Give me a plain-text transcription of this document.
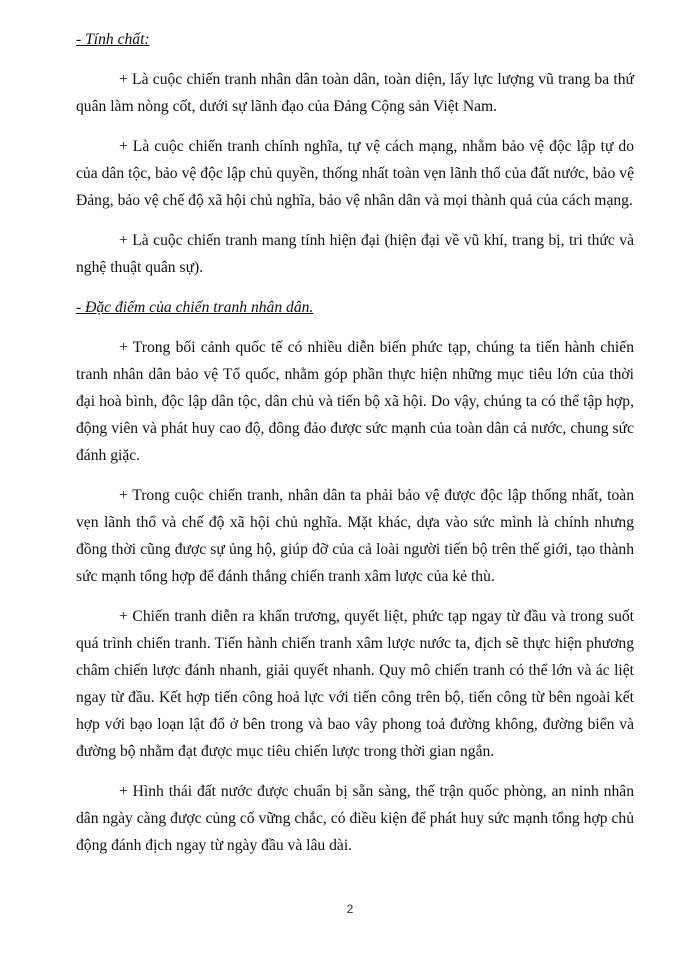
- Tính chất:

+ Là cuộc chiến tranh nhân dân toàn dân, toàn diện, lấy lực lượng vũ trang ba thứ quân làm nòng cốt, dưới sự lãnh đạo của Đảng Cộng sản Việt Nam.

+ Là cuộc chiến tranh chính nghĩa, tự vệ cách mạng, nhằm bảo vệ độc lập tự do của dân tộc, bảo vệ độc lập chủ quyền, thống nhất toàn vẹn lãnh thổ của đất nước, bảo vệ Đảng, bảo vệ chế độ xã hội chủ nghĩa, bảo vệ nhân dân và mọi thành quả của cách mạng.

+ Là cuộc chiến tranh mang tính hiện đại (hiện đại về vũ khí, trang bị, tri thức và nghệ thuật quân sự).

- Đặc điểm của chiến tranh nhân dân.

+ Trong bối cảnh quốc tế có nhiều diễn biến phức tạp, chúng ta tiến hành chiến tranh nhân dân bảo vệ Tổ quốc, nhằm góp phần thực hiện những mục tiêu lớn của thời đại hoà bình, độc lập dân tộc, dân chủ và tiến bộ xã hội. Do vậy, chúng ta có thể tập hợp, động viên và phát huy cao độ, đông đảo được sức mạnh của toàn dân cả nước, chung sức đánh giặc.

+ Trong cuộc chiến tranh, nhân dân ta phải bảo vệ được độc lập thống nhất, toàn vẹn lãnh thổ và chế độ xã hội chủ nghĩa. Mặt khác, dựa vào sức mình là chính nhưng đồng thời cũng được sự ủng hộ, giúp đỡ của cả loài người tiến bộ trên thế giới, tạo thành sức mạnh tổng hợp để đánh thắng chiến tranh xâm lược của kẻ thù.

+ Chiến tranh diễn ra khẩn trương, quyết liệt, phức tạp ngay từ đầu và trong suốt quá trình chiến tranh. Tiến hành chiến tranh xâm lược nước ta, địch sẽ thực hiện phương châm chiến lược đánh nhanh, giải quyết nhanh. Quy mô chiến tranh có thể lớn và ác liệt ngay từ đầu. Kết hợp tiến công hoả lực với tiến công trên bộ, tiến công từ bên ngoài kết hợp với bạo loạn lật đổ ở bên trong và bao vây phong toả đường không, đường biển và đường bộ nhằm đạt được mục tiêu chiến lược trong thời gian ngắn.

+ Hình thái đất nước được chuẩn bị sẵn sàng, thế trận quốc phòng, an ninh nhân dân ngày càng được củng cố vững chắc, có điều kiện để phát huy sức mạnh tổng hợp chủ động đánh địch ngay từ ngày đầu và lâu dài.

2
